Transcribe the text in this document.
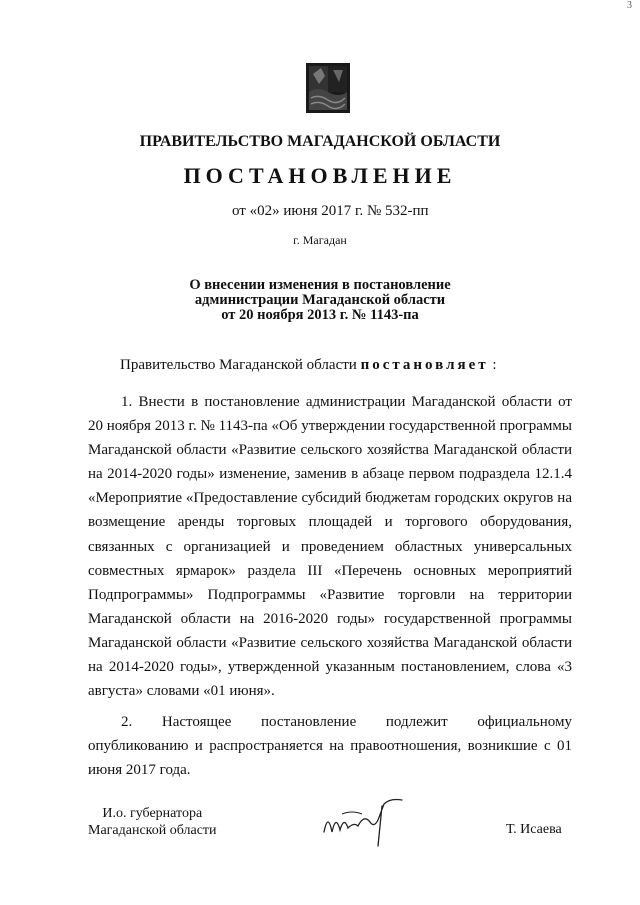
3
ПРАВИТЕЛЬСТВО МАГАДАНСКОЙ ОБЛАСТИ
ПОСТАНОВЛЕНИЕ
от «02» июня 2017 г. № 532-пп
г. Магадан
О внесении изменения в постановление
администрации Магаданской области
от 20 ноября 2013 г. № 1143-па
Правительство Магаданской области постановляет :

1. Внести в постановление администрации Магаданской области от 20 ноября 2013 г. № 1143-па «Об утверждении государственной программы Магаданской области «Развитие сельского хозяйства Магаданской области на 2014-2020 годы» изменение, заменив в абзаце первом подраздела 12.1.4 «Мероприятие «Предоставление субсидий бюджетам городских округов на возмещение аренды торговых площадей и торгового оборудования, связанных с организацией и проведением областных универсальных совместных ярмарок» раздела III «Перечень основных мероприятий Подпрограммы» Подпрограммы «Развитие торговли на территории Магаданской области на 2016-2020 годы» государственной программы Магаданской области «Развитие сельского хозяйства Магаданской области на 2014-2020 годы», утвержденной указанным постановлением, слова «3 августа» словами «01 июня».

2. Настоящее постановление подлежит официальному опубликованию и распространяется на правоотношения, возникшие с 01 июня 2017 года.

И.о. губернатора
Магаданской области	Т. Исаева
